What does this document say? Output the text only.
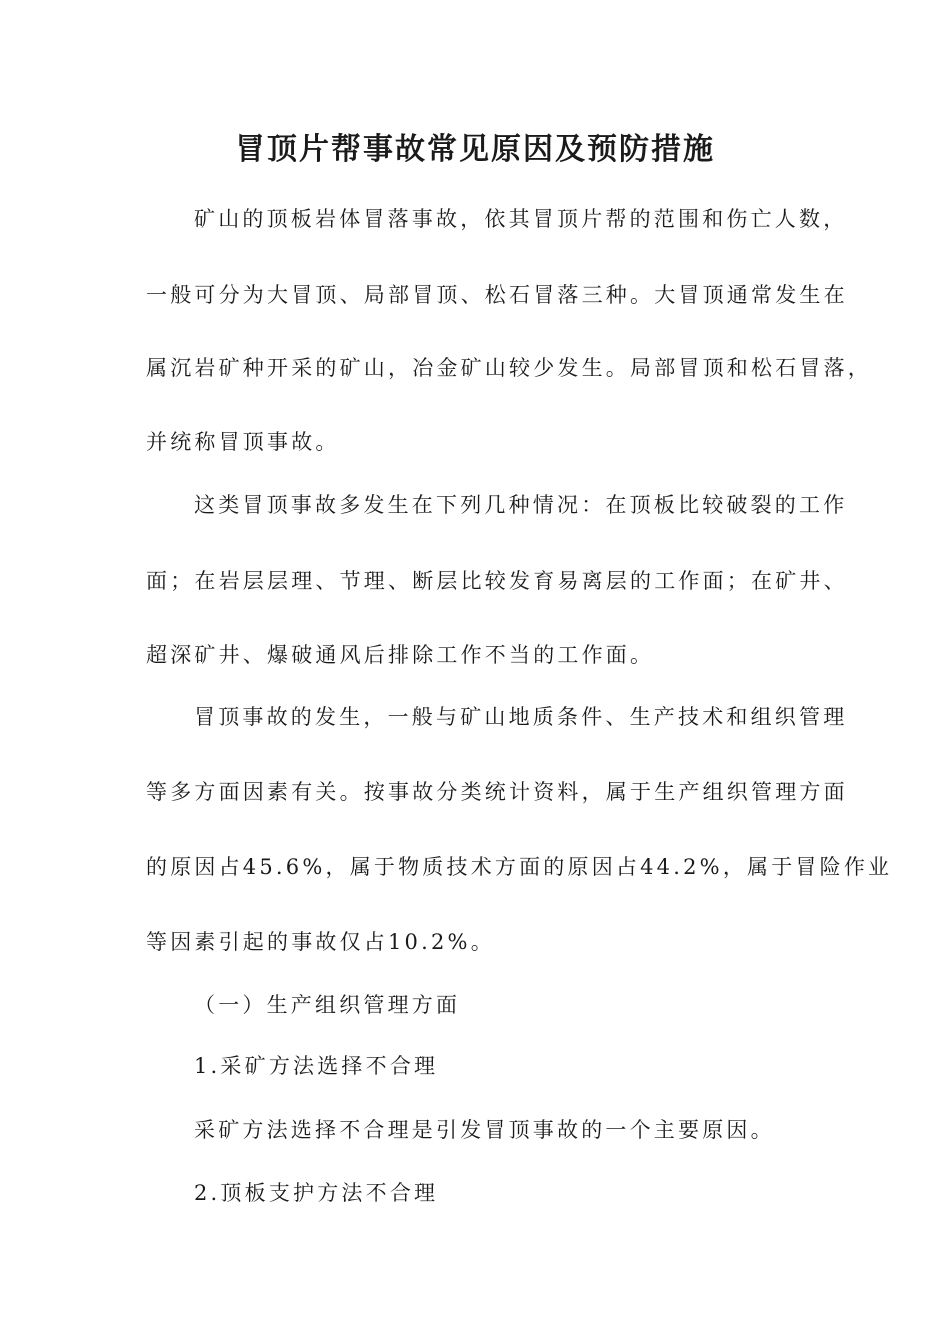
冒顶片帮事故常见原因及预防措施
矿山的顶板岩体冒落事故，依其冒顶片帮的范围和伤亡人数，
一般可分为大冒顶、局部冒顶、松石冒落三种。大冒顶通常发生在
属沉岩矿种开采的矿山，冶金矿山较少发生。局部冒顶和松石冒落，
并统称冒顶事故。
这类冒顶事故多发生在下列几种情况：在顶板比较破裂的工作
面；在岩层层理、节理、断层比较发育易离层的工作面；在矿井、
超深矿井、爆破通风后排除工作不当的工作面。
冒顶事故的发生，一般与矿山地质条件、生产技术和组织管理
等多方面因素有关。按事故分类统计资料，属于生产组织管理方面
的原因占45.6%，属于物质技术方面的原因占44.2%，属于冒险作业
等因素引起的事故仅占10.2%。
（一）生产组织管理方面
1.采矿方法选择不合理
采矿方法选择不合理是引发冒顶事故的一个主要原因。
2.顶板支护方法不合理
